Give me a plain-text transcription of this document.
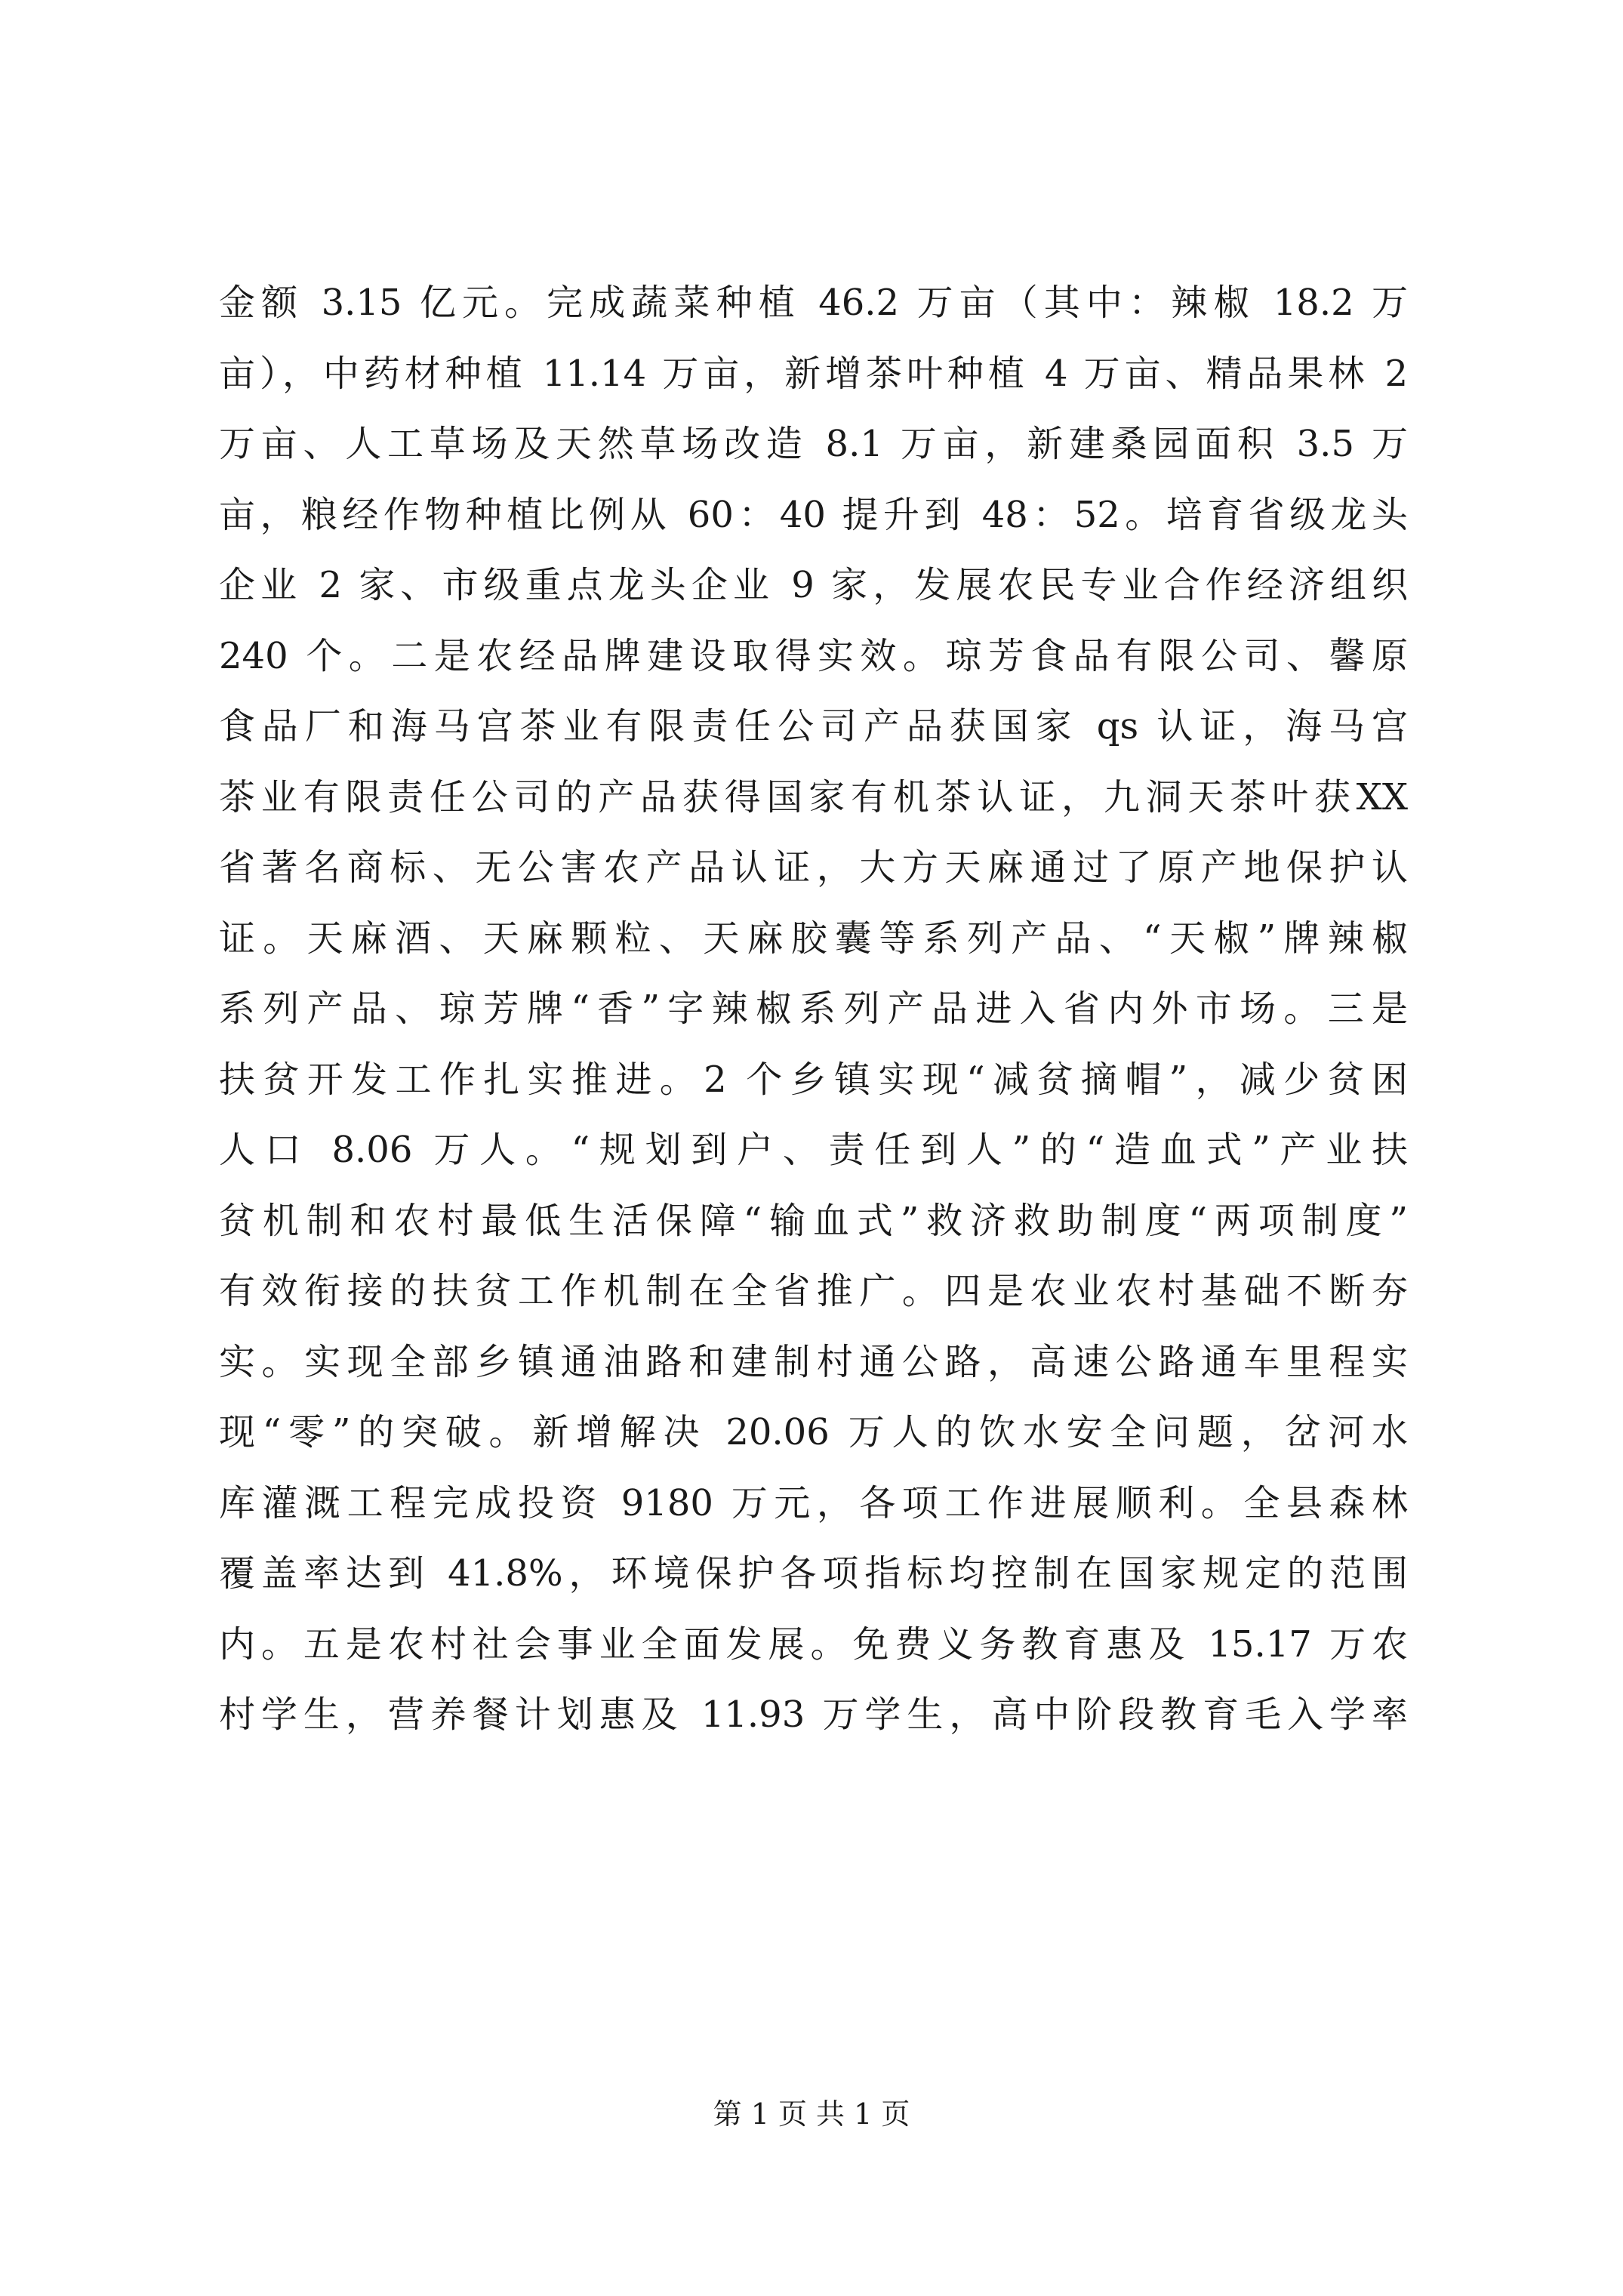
金额 3.15 亿元。完成蔬菜种植 46.2 万亩（其中：辣椒 18.2 万
亩），中药材种植 11.14 万亩，新增茶叶种植 4 万亩、精品果林 2
万亩、人工草场及天然草场改造 8.1 万亩，新建桑园面积 3.5 万
亩，粮经作物种植比例从 60：40 提升到 48：52。培育省级龙头
企业 2 家、市级重点龙头企业 9 家，发展农民专业合作经济组织
240 个。二是农经品牌建设取得实效。琼芳食品有限公司、馨原
食品厂和海马宫茶业有限责任公司产品获国家 qs 认证，海马宫
茶业有限责任公司的产品获得国家有机茶认证，九洞天茶叶获XX
省著名商标、无公害农产品认证，大方天麻通过了原产地保护认
证。天麻酒、天麻颗粒、天麻胶囊等系列产品、“天椒”牌辣椒
系列产品、琼芳牌“香”字辣椒系列产品进入省内外市场。三是
扶贫开发工作扎实推进。2 个乡镇实现“减贫摘帽”，减少贫困
人口 8.06 万人。“规划到户、责任到人”的“造血式”产业扶
贫机制和农村最低生活保障“输血式”救济救助制度“两项制度”
有效衔接的扶贫工作机制在全省推广。四是农业农村基础不断夯
实。实现全部乡镇通油路和建制村通公路，高速公路通车里程实
现“零”的突破。新增解决 20.06 万人的饮水安全问题，岔河水
库灌溉工程完成投资 9180 万元，各项工作进展顺利。全县森林
覆盖率达到 41.8%，环境保护各项指标均控制在国家规定的范围
内。五是农村社会事业全面发展。免费义务教育惠及 15.17 万农
村学生，营养餐计划惠及 11.93 万学生，高中阶段教育毛入学率
第 1 页 共 1 页
